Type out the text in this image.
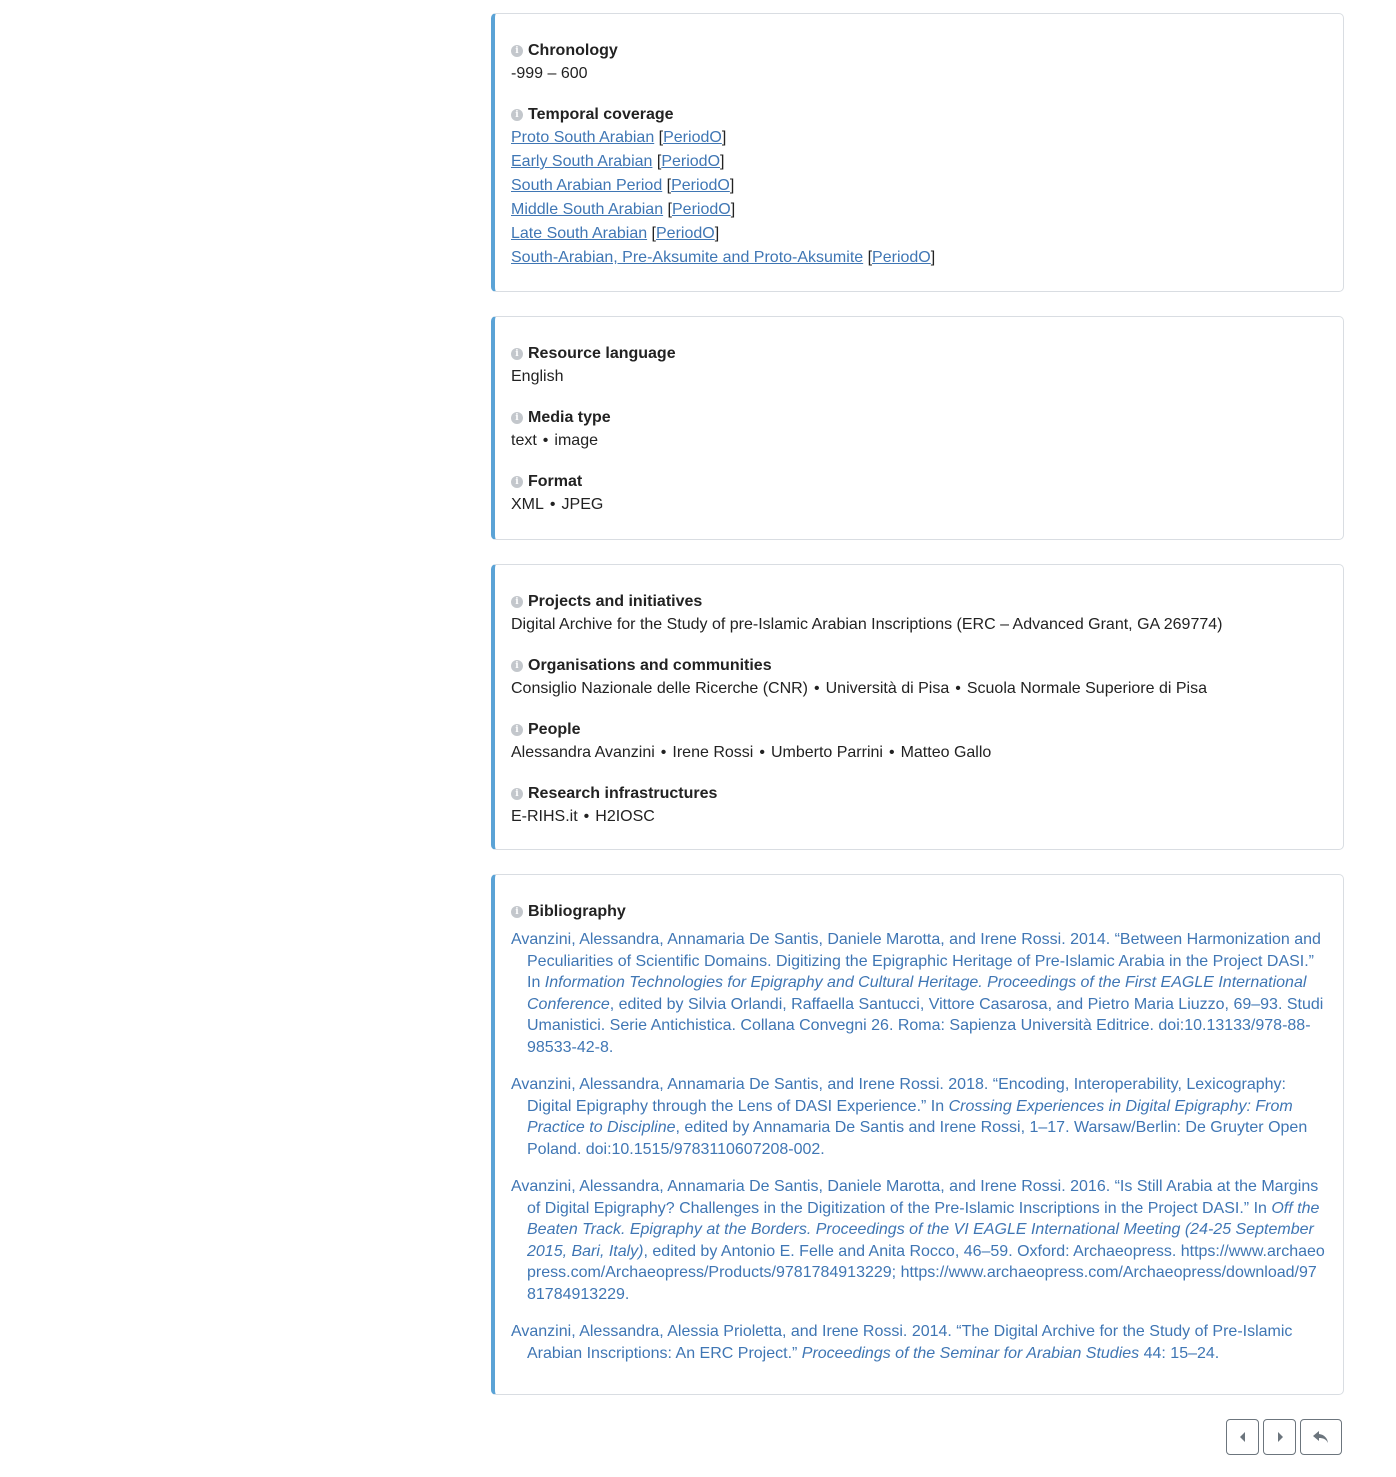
i Chronology
-999 – 600
i Temporal coverage
Proto South Arabian [PeriodO]
Early South Arabian [PeriodO]
South Arabian Period [PeriodO]
Middle South Arabian [PeriodO]
Late South Arabian [PeriodO]
South-Arabian, Pre-Aksumite and Proto-Aksumite [PeriodO]
i Resource language
English
i Media type
text • image
i Format
XML • JPEG
i Projects and initiatives
Digital Archive for the Study of pre-Islamic Arabian Inscriptions (ERC – Advanced Grant, GA 269774)
i Organisations and communities
Consiglio Nazionale delle Ricerche (CNR) • Università di Pisa • Scuola Normale Superiore di Pisa
i People
Alessandra Avanzini • Irene Rossi • Umberto Parrini • Matteo Gallo
i Research infrastructures
E-RIHS.it • H2IOSC
i Bibliography
Avanzini, Alessandra, Annamaria De Santis, Daniele Marotta, and Irene Rossi. 2014. “Between Harmonization and Peculiarities of Scientific Domains. Digitizing the Epigraphic Heritage of Pre-Islamic Arabia in the Project DASI.” In Information Technologies for Epigraphy and Cultural Heritage. Proceedings of the First EAGLE International Conference, edited by Silvia Orlandi, Raffaella Santucci, Vittore Casarosa, and Pietro Maria Liuzzo, 69–93. Studi Umanistici. Serie Antichistica. Collana Convegni 26. Roma: Sapienza Università Editrice. doi:10.13133/978-88-98533-42-8.
Avanzini, Alessandra, Annamaria De Santis, and Irene Rossi. 2018. “Encoding, Interoperability, Lexicography: Digital Epigraphy through the Lens of DASI Experience.” In Crossing Experiences in Digital Epigraphy: From Practice to Discipline, edited by Annamaria De Santis and Irene Rossi, 1–17. Warsaw/Berlin: De Gruyter Open Poland. doi:10.1515/9783110607208-002.
Avanzini, Alessandra, Annamaria De Santis, Daniele Marotta, and Irene Rossi. 2016. “Is Still Arabia at the Margins of Digital Epigraphy? Challenges in the Digitization of the Pre-Islamic Inscriptions in the Project DASI.” In Off the Beaten Track. Epigraphy at the Borders. Proceedings of the VI EAGLE International Meeting (24-25 September 2015, Bari, Italy), edited by Antonio E. Felle and Anita Rocco, 46–59. Oxford: Archaeopress. https://www.archaeopress.com/Archaeopress/Products/9781784913229; https://www.archaeopress.com/Archaeopress/download/9781784913229.
Avanzini, Alessandra, Alessia Prioletta, and Irene Rossi. 2014. “The Digital Archive for the Study of Pre-Islamic Arabian Inscriptions: An ERC Project.” Proceedings of the Seminar for Arabian Studies 44: 15–24.
